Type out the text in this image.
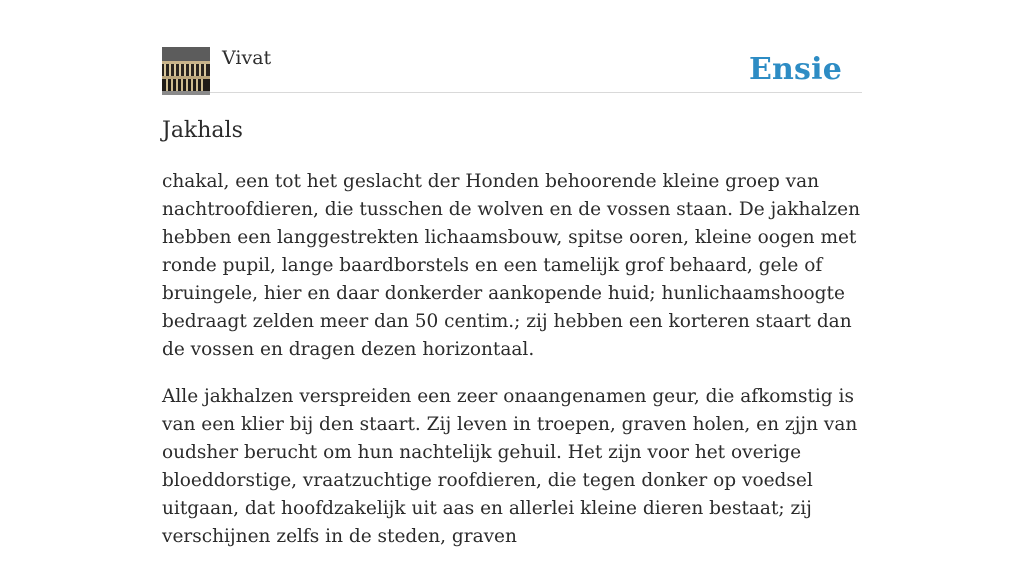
Vivat	Ensie
Jakhals

chakal, een tot het geslacht der Honden behoorende kleine groep van nachtroofdieren, die tusschen de wolven en de vossen staan. De jakhalzen hebben een langgestrekten lichaamsbouw, spitse ooren, kleine oogen met ronde pupil, lange baardborstels en een tamelijk grof behaard, gele of bruingele, hier en daar donkerder aankopende huid; hunlichaamshoogte bedraagt zelden meer dan 50 centim.; zij hebben een korteren staart dan de vossen en dragen dezen horizontaal.

Alle jakhalzen verspreiden een zeer onaangenamen geur, die afkomstig is van een klier bij den staart. Zij leven in troepen, graven holen, en zjjn van oudsher berucht om hun nachtelijk gehuil. Het zijn voor het overige bloeddorstige, vraatzuchtige roofdieren, die tegen donker op voedsel uitgaan, dat hoofdzakelijk uit aas en allerlei kleine dieren bestaat; zij verschijnen zelfs in de steden, graven
